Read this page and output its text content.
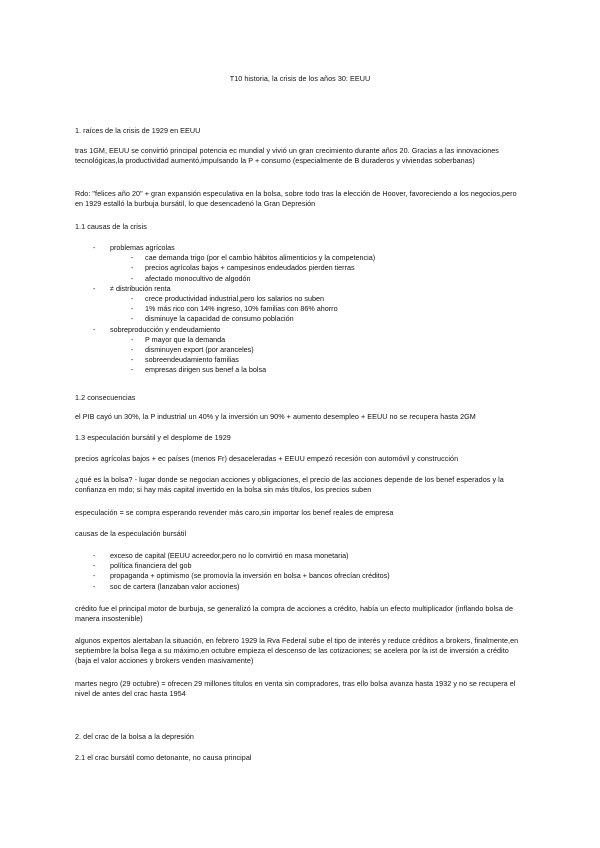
T10 historia, la crisis de los años 30: EEUU

1. raíces de la crisis de 1929 en EEUU

tras 1GM, EEUU se convirtió principal potencia ec mundial y vivió un gran crecimiento durante años 20. Gracias a las innovaciones tecnológicas,la productividad aumentó,impulsando la P + consumo (especialmente de B duraderos y viviendas soberbanas)

Rdo: "felices año 20" + gran expansión especulativa en la bolsa, sobre todo tras la elección de Hoover, favoreciendo a los negocios,pero en 1929 estalló la burbuja bursátil, lo que desencadenó la Gran Depresión

1.1 causas de la crisis

- problemas agrícolas
- cae demanda trigo (por el cambio hábitos alimenticios y la competencia)
- precios agrícolas bajos + campesinos endeudados pierden tierras
- afectado monocultivo de algodón
- ≠ distribución renta
- crece productividad industrial,pero los salarios no suben
- 1% más rico con 14% ingreso, 10% familias con 86% ahorro
- disminuye la capacidad de consumo población
- sobreproducción y endeudamiento
- P mayor que la demanda
- disminuyen export (por aranceles)
- sobreendeudamiento familias
- empresas dirigen sus benef a la bolsa

1.2 consecuencias

el PIB cayó un 30%, la P industrial un 40% y la inversión un 90% + aumento desempleo + EEUU no se recupera hasta 2GM

1.3 especulación bursátil y el desplome de 1929

precios agrícolas bajos + ec países (menos Fr) desaceleradas + EEUU empezó recesión con automóvil y construcción

¿qué es la bolsa? - lugar donde se negocian acciones y obligaciones, el precio de las acciones depende de los benef esperados y la confianza en mdo; si hay más capital invertido en la bolsa sin más títulos, los precios suben

especulación = se compra esperando revender más caro,sin importar los benef reales de empresa

causas de la especulación bursátil

- exceso de capital (EEUU acreedor,pero no lo convirtió en masa monetaria)
- política financiera del gob
- propaganda + optimismo (se promovía la inversión en bolsa + bancos ofrecían créditos)
- soc de cartera (lanzaban valor acciones)

crédito fue el principal motor de burbuja, se generalizó la compra de acciones a crédito, había un efecto multiplicador (inflando bolsa de manera insostenible)

algunos expertos alertaban la situación, en febrero 1929 la Rva Federal sube el tipo de interés y reduce créditos a brokers, finalmente,en septiembre la bolsa llega a su máximo,en octubre empieza el descenso de las cotizaciones; se acelera por la ist de inversión a crédito (baja el valor acciones y brokers venden masivamente)

martes negro (29 octubre) = ofrecen 29 millones títulos en venta sin compradores, tras ello bolsa avanza hasta 1932 y no se recupera el nivel de antes del crac hasta 1954

2. del crac de la bolsa a la depresión

2.1 el crac bursátil como detonante, no causa principal
